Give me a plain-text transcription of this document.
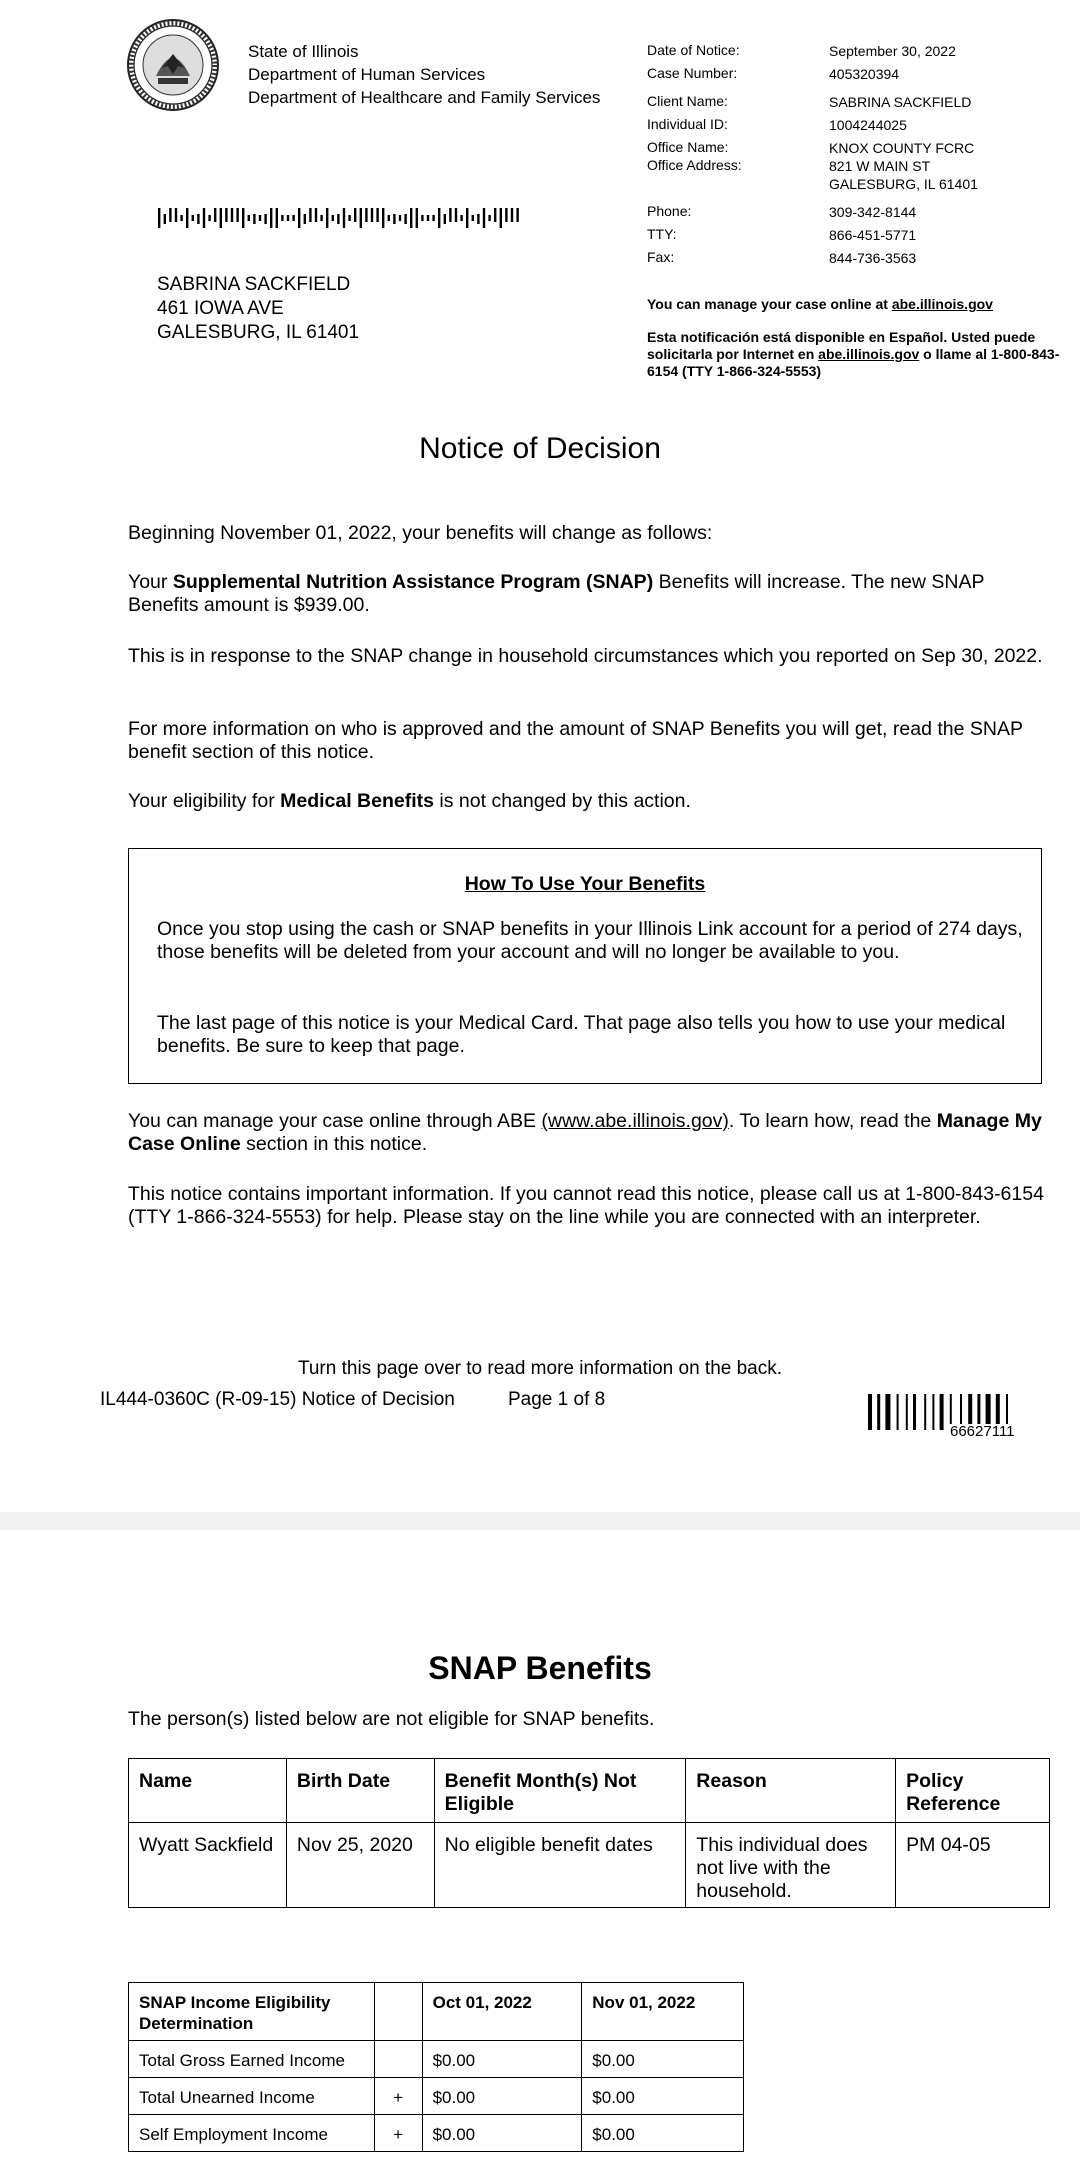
State of Illinois
Department of Human Services
Department of Healthcare and Family Services
Date of Notice:	September 30, 2022
Case Number:	405320394
Client Name:	SABRINA SACKFIELD
Individual ID:	1004244025
Office Name:	KNOX COUNTY FCRC
Office Address:	821 W MAIN ST
GALESBURG, IL 61401
Phone:	309-342-8144
TTY:	866-451-5771
Fax:	844-736-3563
SABRINA SACKFIELD
461 IOWA AVE
GALESBURG, IL 61401
You can manage your case online at abe.illinois.gov
Esta notificación está disponible en Español. Usted puede solicitarla por Internet en abe.illinois.gov o llame al 1-800-843-6154 (TTY 1-866-324-5553)
Notice of Decision

Beginning November 01, 2022, your benefits will change as follows:

Your Supplemental Nutrition Assistance Program (SNAP) Benefits will increase. The new SNAP Benefits amount is $939.00.

This is in response to the SNAP change in household circumstances which you reported on Sep 30, 2022.

For more information on who is approved and the amount of SNAP Benefits you will get, read the SNAP benefit section of this notice.

Your eligibility for Medical Benefits is not changed by this action.

How To Use Your Benefits
Once you stop using the cash or SNAP benefits in your Illinois Link account for a period of 274 days, those benefits will be deleted from your account and will no longer be available to you.
The last page of this notice is your Medical Card. That page also tells you how to use your medical benefits. Be sure to keep that page.

You can manage your case online through ABE (www.abe.illinois.gov). To learn how, read the Manage My Case Online section in this notice.

This notice contains important information. If you cannot read this notice, please call us at 1-800-843-6154 (TTY 1-866-324-5553) for help. Please stay on the line while you are connected with an interpreter.

Turn this page over to read more information on the back.
IL444-0360C (R-09-15) Notice of Decision	Page 1 of 8
66627111
SNAP Benefits
The person(s) listed below are not eligible for SNAP benefits.
Name	Birth Date	Benefit Month(s) Not Eligible	Reason	Policy Reference
Wyatt Sackfield	Nov 25, 2020	No eligible benefit dates	This individual does not live with the household.	PM 04-05
SNAP Income Eligibility Determination		Oct 01, 2022	Nov 01, 2022
Total Gross Earned Income		$0.00	$0.00
Total Unearned Income	+	$0.00	$0.00
Self Employment Income	+	$0.00	$0.00
